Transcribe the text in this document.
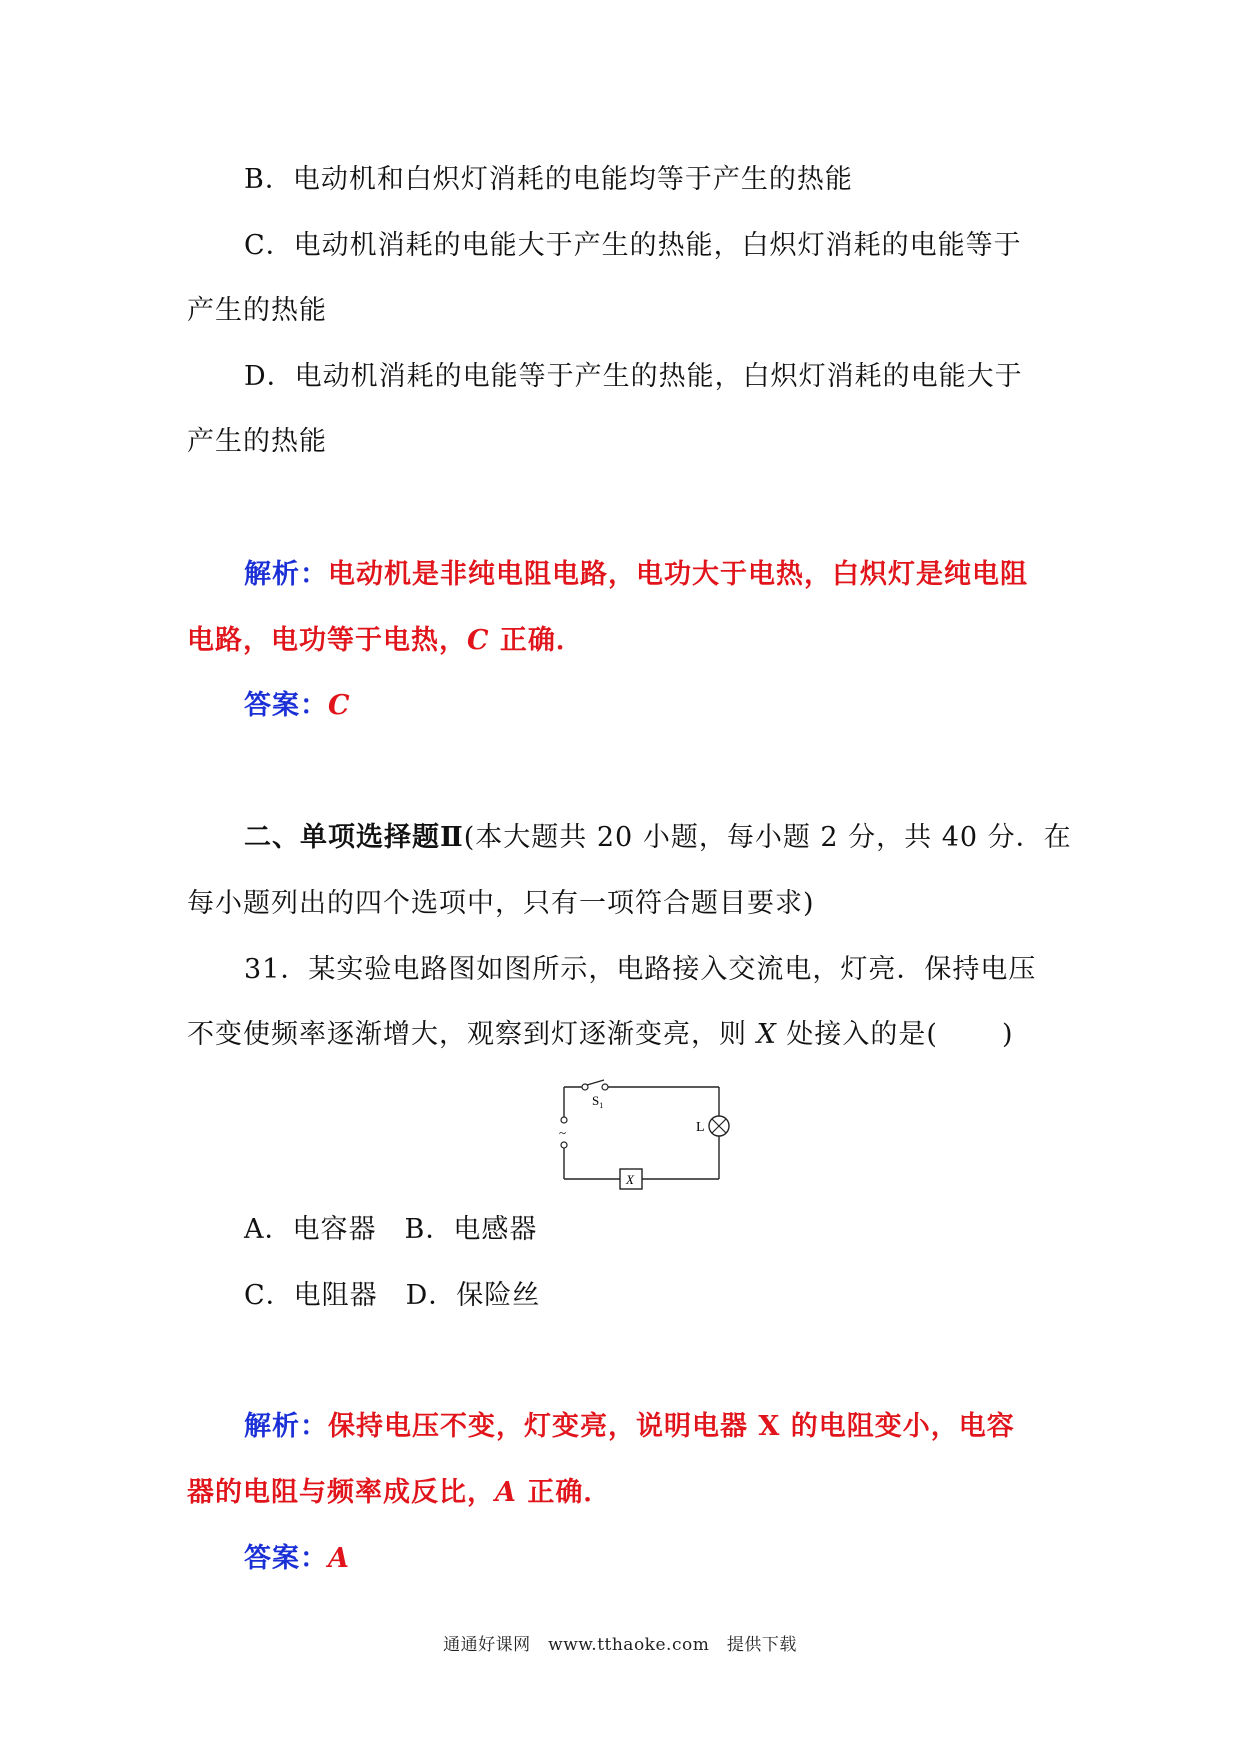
B．电动机和白炽灯消耗的电能均等于产生的热能
C．电动机消耗的电能大于产生的热能，白炽灯消耗的电能等于
产生的热能
D．电动机消耗的电能等于产生的热能，白炽灯消耗的电能大于
产生的热能
解析：电动机是非纯电阻电路，电功大于电热，白炽灯是纯电阻
电路，电功等于电热，C 正确．
答案：C
二、单项选择题Ⅱ(本大题共 20 小题，每小题 2 分，共 40 分．在
每小题列出的四个选项中，只有一项符合题目要求)
31．某实验电路图如图所示，电路接入交流电，灯亮．保持电压
不变使频率逐渐增大，观察到灯逐渐变亮，则 X 处接入的是( )
$S_1$
L
X
~
A．电容器　B．电感器
C．电阻器　D．保险丝
解析：保持电压不变，灯变亮，说明电器 X 的电阻变小，电容
器的电阻与频率成反比，A 正确．
答案：A
通通好课网　www.tthaoke.com　提供下载
